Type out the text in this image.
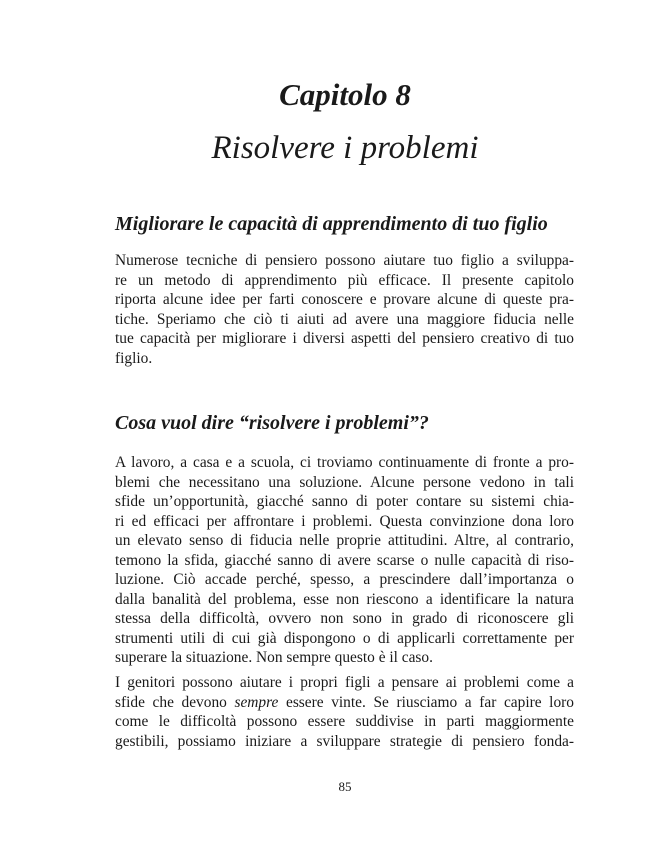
Capitolo 8
Risolvere i problemi
Migliorare le capacità di apprendimento di tuo figlio
Numerose tecniche di pensiero possono aiutare tuo figlio a sviluppa-
re un metodo di apprendimento più efficace. Il presente capitolo
riporta alcune idee per farti conoscere e provare alcune di queste pra-
tiche. Speriamo che ciò ti aiuti ad avere una maggiore fiducia nelle
tue capacità per migliorare i diversi aspetti del pensiero creativo di tuo
figlio.
Cosa vuol dire “risolvere i problemi”?
A lavoro, a casa e a scuola, ci troviamo continuamente di fronte a pro-
blemi che necessitano una soluzione. Alcune persone vedono in tali
sfide un’opportunità, giacché sanno di poter contare su sistemi chia-
ri ed efficaci per affrontare i problemi. Questa convinzione dona loro
un elevato senso di fiducia nelle proprie attitudini. Altre, al contrario,
temono la sfida, giacché sanno di avere scarse o nulle capacità di riso-
luzione. Ciò accade perché, spesso, a prescindere dall’importanza o
dalla banalità del problema, esse non riescono a identificare la natura
stessa della difficoltà, ovvero non sono in grado di riconoscere gli
strumenti utili di cui già dispongono o di applicarli correttamente per
superare la situazione. Non sempre questo è il caso.
I genitori possono aiutare i propri figli a pensare ai problemi come a
sfide che devono sempre essere vinte. Se riusciamo a far capire loro
come le difficoltà possono essere suddivise in parti maggiormente
gestibili, possiamo iniziare a sviluppare strategie di pensiero fonda-
85
